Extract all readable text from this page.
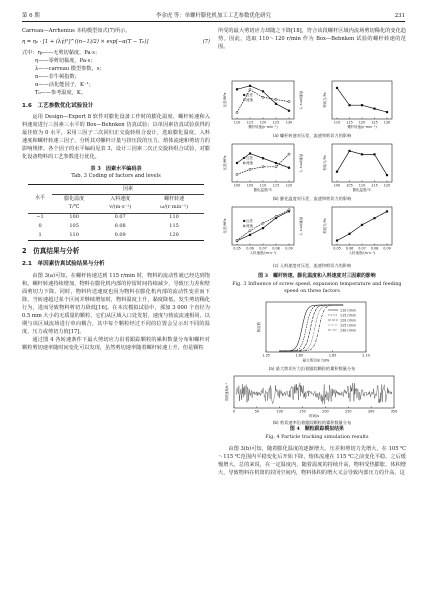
第 6 期	李金虎 等：单螺杆膨化机加工工艺参数优化研究	231

Carreau—Arrhenius 本构模型如式(7)所示。

η = η₀ · [1 + (λγ̇)²]^((n−1)/2) × exp[−α(T − T₀)]	(7)

式中：η₀——无剪切黏度，Pa·s；

η——零剪切黏度，Pa·s；

λ——carreau 模型参数，s；

n——非牛顿指数；

α——活化能因子，K⁻¹；

T₀——参考温度，K。

1.6　工艺参数优化试验设计

运用 Design—Expert 8 软件对膨化设备工作时的膨化温度、螺杆转速和入料速度进行三因素三水平的 Box—Behnken 仿真试验；以单因素仿真试验获得的最佳值为 0 水平，采用三因子二次回归正交旋转组合设计，选取膨化温度、入料速度和螺杆转速三因子，分析其对螺杆计量与挤压段的压力、熔体流速和剪切力的影响规律。各个因子的水平编码见表 3，设计三因素二次正交旋转组合试验，对膨化设备物料的工艺参数进行优化。

表 3　因素水平编码表

Tab. 3 Coding of factors and levels

水平	因素		
	膨化温度	入料速度	螺杆转速
	T/℃	v/(m·s⁻¹)	ω/(r·min⁻¹)
−1	100	0.07	110
0	105	0.08	115
1	110	0.09	120
2　仿真结果与分析
2.1　单因素仿真试验结果与分析

由图 3(a)可知，在螺杆转速达到 115 r/min 时，物料的流动性就已经达到饱和。螺杆转速持续增加，物料在膨化机内部的停留时间持续减少，导致压力差和壁面剪切力下降。同时，物料传送速度也因为物料在膨化机内部的流动性变差而下降。当转速超过某个区间并继续增加时，物料温度上升，黏度降低，发生剪切稀化行为，进而导致物料剪切力降低[16]。在本次模拟试验中，那加 3 000 个直径为 0.5 mm 大小的无质量的颗粒，它们从区域入口处发射，速度与熔流流速相同，以期与该区域流场进行单向耦合，其中每个颗粒经过不同的位置会呈示出不同的温度、压力或剪切力值[17]。

通过图 4 各转速条件下最大剪切应力沿着跟踪颗粒的累积数量分布和螺杆对颗粒剪切速率随时间变化可以发现，虽然剪切速率随着螺杆转速上升，但是颗粒

所受的最大剪切应力却随之下降[18]，符合该段螺杆区域内流场剪切稀化的变化趋势。因此，选取 110～120 r/min 作为 Box—Behnken 试验的螺杆转速的范围。

110 115 120 125 130
压差/MPa	流速/(m·s⁻¹)
螺杆转速/(r·min⁻¹)
压差
流速
110 115 120 125 130
剪切力/Pa
螺杆转速/(r·min⁻¹)
(a) 螺杆转速对压差、流速和剪切力的影响
100 105 110 115 120
压差/MPa	流速/(m·s⁻¹)
膨化温度/℃
压差
流速
100 105 110 115 120
剪切力/Pa
膨化温度/℃
(b) 膨化温度对压差、流速和剪切力的影响
0.05 0.06 0.07 0.08 0.09
压差/MPa	流速/(m·s⁻¹)
入料速度/(m·s⁻¹)
压差
流速
0.05 0.06 0.07 0.08 0.09
剪切力/Pa
入料速度/(m·s⁻¹)
(c) 入料速度对压差、流速和剪切力的影响

图 3　螺杆转速、膨化温度和入料速度对三因素的影响

Fig. 3 Influence of screw speed, expansion temperature and feeding speed on three factors

1.35	1.60	1.85	2.10
110 r/min
115 r/min
120 r/min
125 r/min
130 r/min
颗粒数
最大剪切应力/Pa
(a) 最大剪切应力沿着跟踪颗粒的累积数量分布
0	50	100	150	200	250	300	350
剪切速率/s⁻¹
时间/s
(b) 剪切速率沿着跟踪颗粒的累积数量分布

图 4　颗粒跟踪模拟结果

Fig. 4 Particle tracking simulation results

由图 3(b)可知，随着膨化温度的逐渐增大，压差和剪切力先增大，在 105 ℃～115 ℃范围内平稳变化后开始下降，熔体流速在 115 ℃之前变化平稳，之后缓慢增大。总的来说，在一定温度内，随着温度的持续升高，物料受热膨胀，体积增大，导致物料在机筒的封闭空间内，物料体积的增大又会导致内部压力的升高。这
